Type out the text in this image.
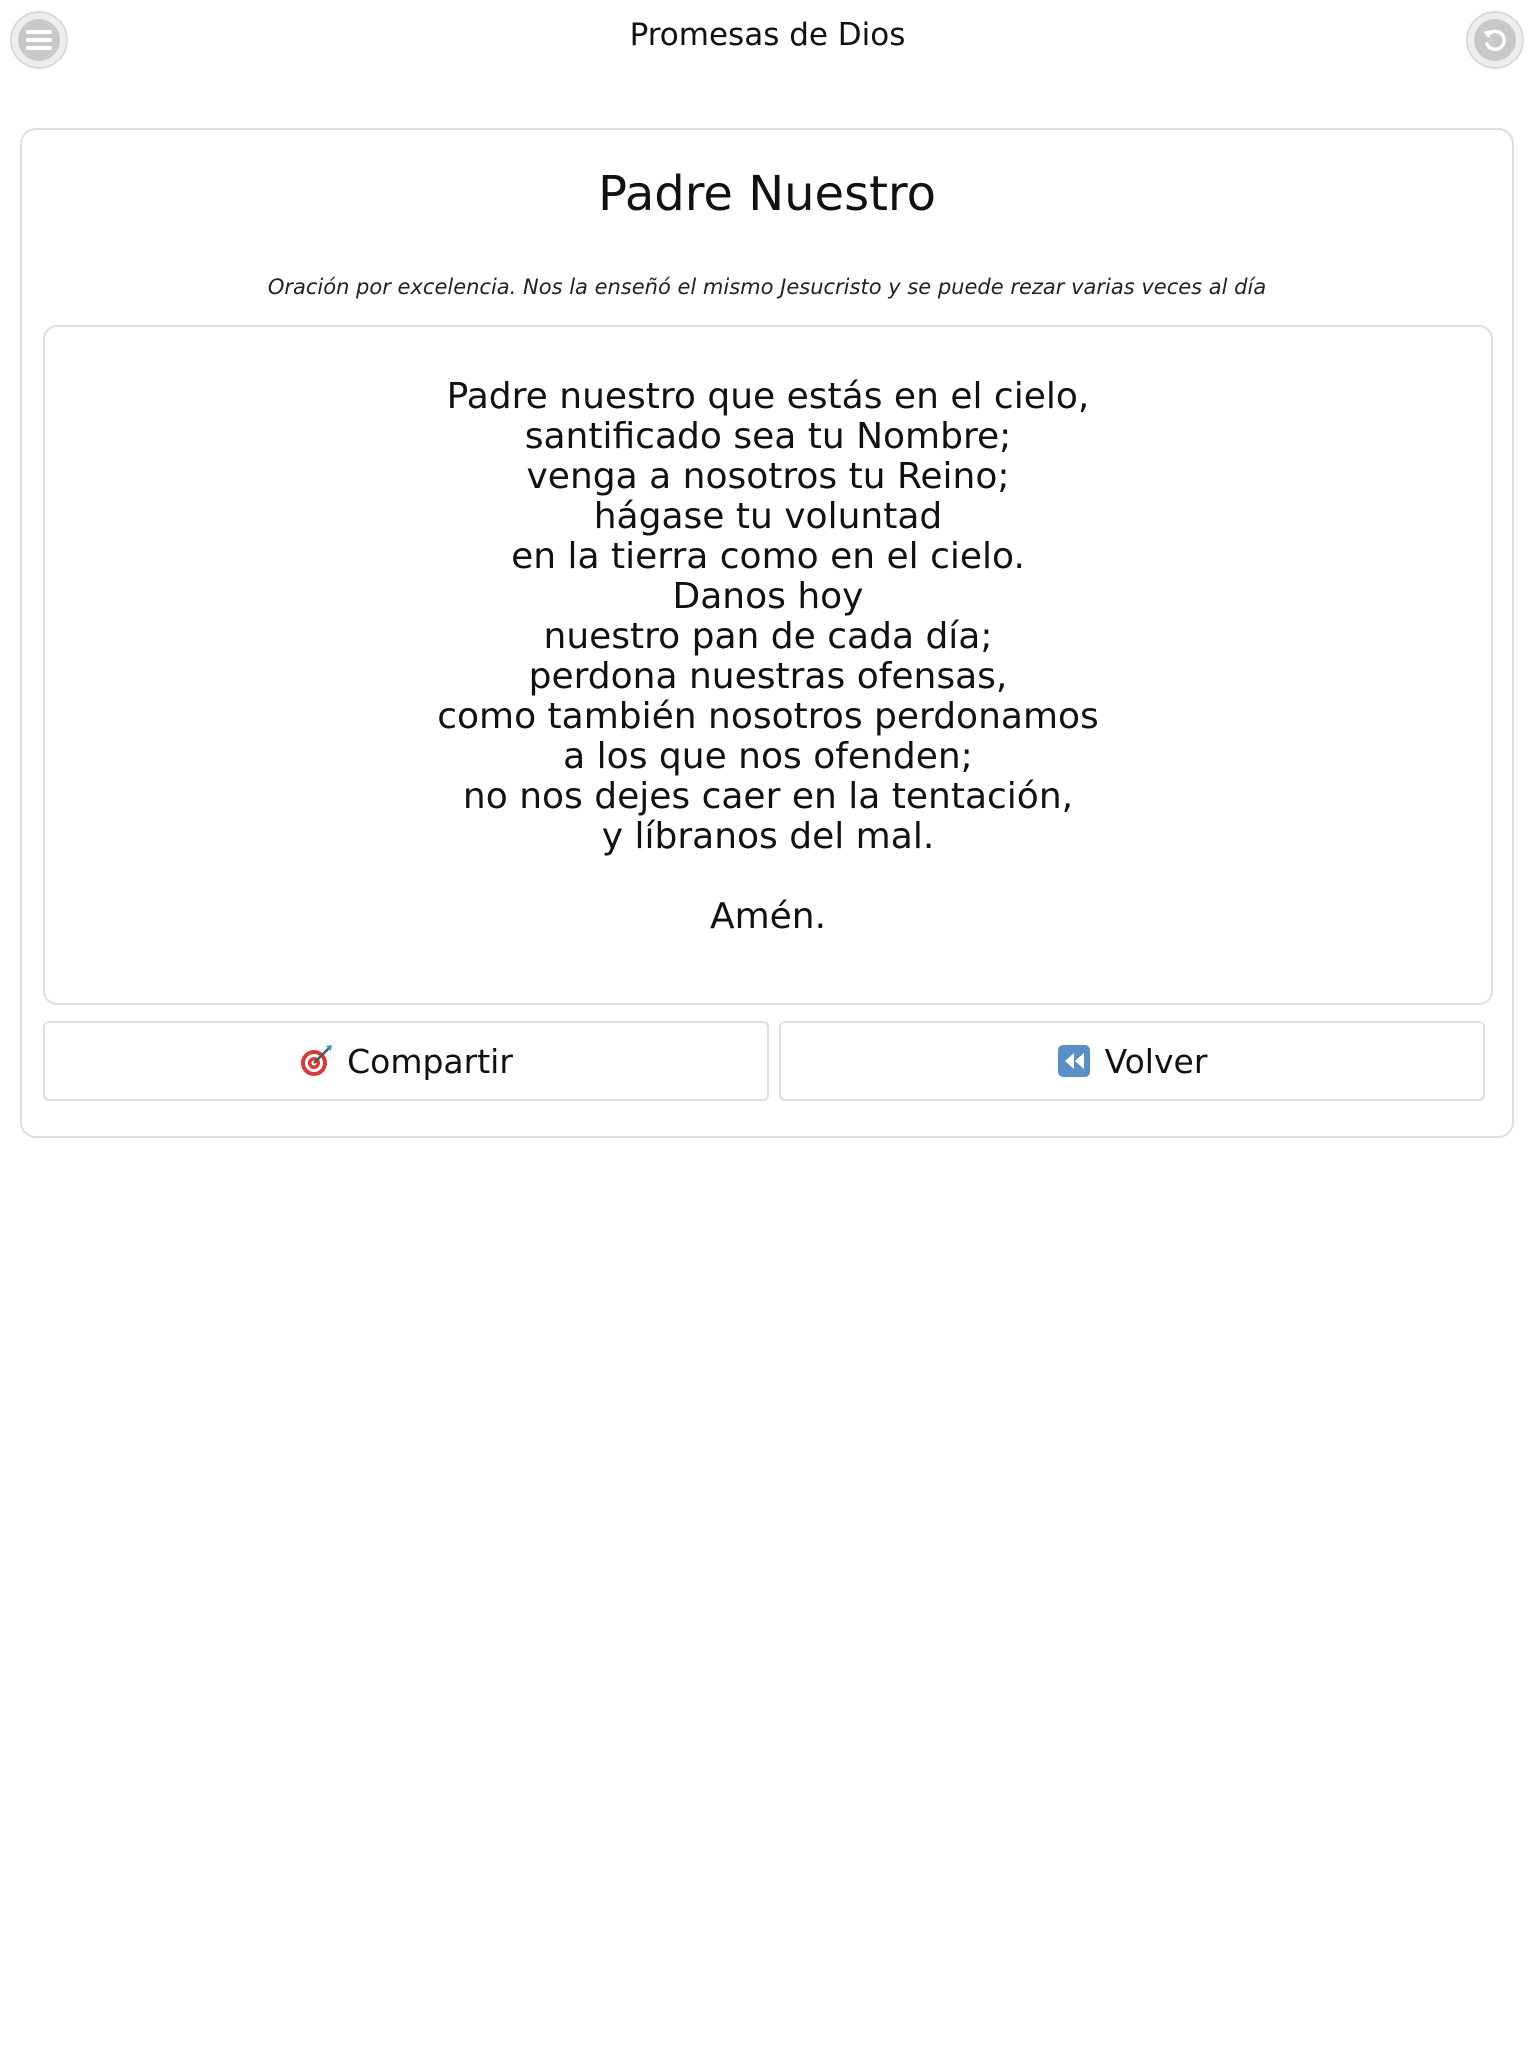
Promesas de Dios
Padre Nuestro
Oración por excelencia. Nos la enseñó el mismo Jesucristo y se puede rezar varias veces al día
Padre nuestro que estás en el cielo,
santificado sea tu Nombre;
venga a nosotros tu Reino;
hágase tu voluntad
en la tierra como en el cielo.
Danos hoy
nuestro pan de cada día;
perdona nuestras ofensas,
como también nosotros perdonamos
a los que nos ofenden;
no nos dejes caer en la tentación,
y líbranos del mal.
Amén.
Compartir	Volver
